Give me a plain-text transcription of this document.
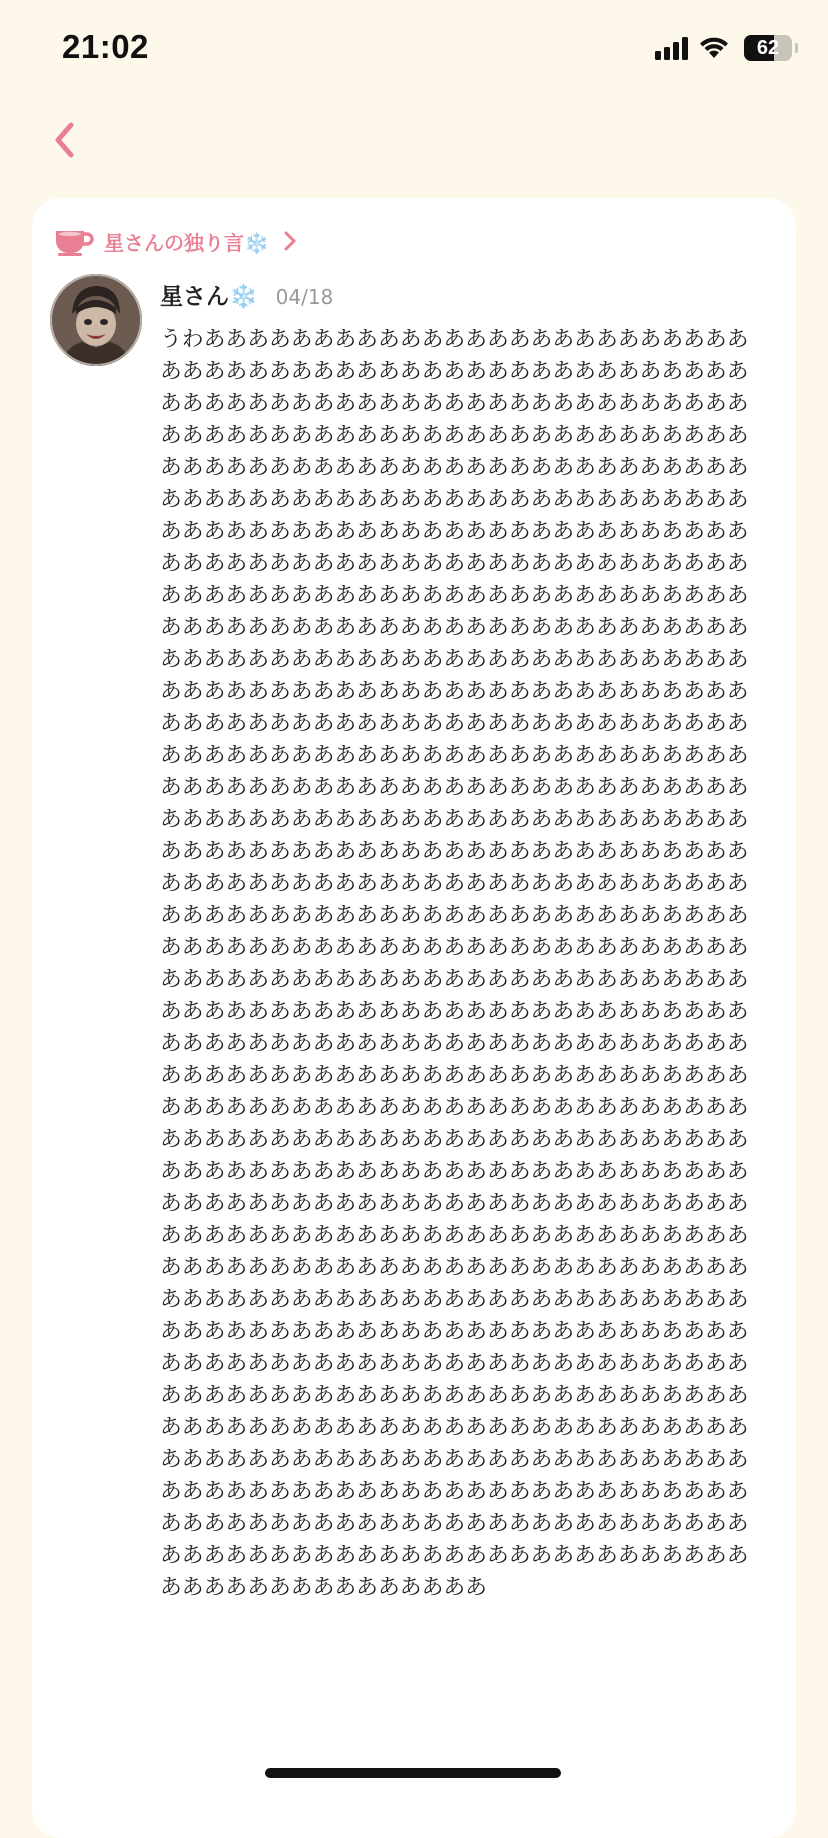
21:02	62
星さんの独り言❄️
星さん❄️ 04/18
うわああああああああああああああああああああああああああああああああああああああああああああああああああああああああああああああああああああああああああああああああああああああああああああああああああああああああああああああああああああああああああああああああああああああああああああああああああああああああああああああああああああああああああああああああああああああああああああああああああああああああああああああああああああああああああああああああああああああああああああああああああああああああああああああああああああああああああああああああああああああああああああああああああああああああああああああああああああああああああああああああああああああああああああああああああああああああああああああああああああああああああああああああああああああああああああああああああああああああああああああああああああああああああああああああああああああああああああああああああああああああああああああああああああああああああああああああああああああああああああああああああああああああああああああああああああああああああああああああああああああああああああああああああああああああああああああああああああああああああああああああああああああああああああああああああああああああああああああああああああああああああああああああああああああああああああああああああああああああああああああああああああああああああああああああああああああああああああああああああああああああああああああああああああああああああああああああああああああああああああああああああああああああああああああああああああああああああああああああああああああああああああああああああああああああああああああああああああああああああああああああああああああああああああああああああああああああああああああああああああああああああああああああああああああああああああああああああああああああああああああああああああああああああああああああああああああああああああああああああああああああああああああああああああああああああああああああああああああああああああああああああああああああああああああああああああああああああああああああああああああああああああああああああああああああああああああああああああああああああああああああああああああああああああああああああああああああああ
